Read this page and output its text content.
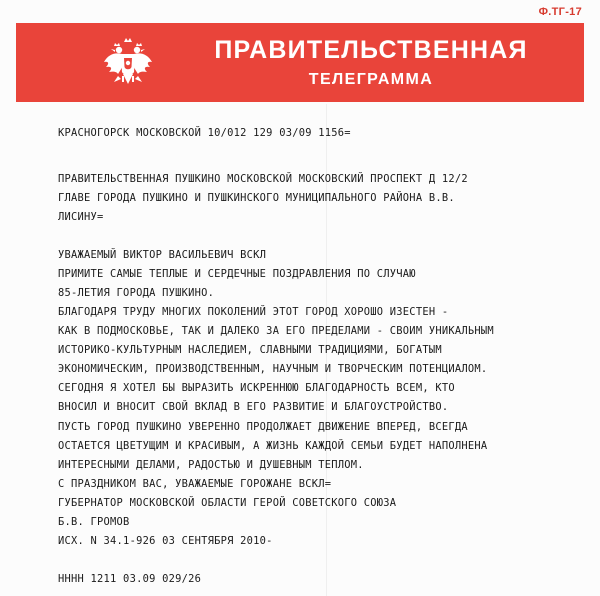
Ф.ТГ-17
ПРАВИТЕЛЬСТВЕННАЯ
ТЕЛЕГРАММА

КРАСНОГОРСК МОСКОВСКОЙ 10/012 129 03/09 1156=

ПРАВИТЕЛЬСТВЕННАЯ ПУШКИНО МОСКОВСКОЙ МОСКОВСКИЙ ПРОСПЕКТ Д 12/2

ГЛАВЕ ГОРОДА ПУШКИНО И ПУШКИНСКОГО МУНИЦИПАЛЬНОГО РАЙОНА В.В.

ЛИСИНУ=

УВАЖАЕМЫЙ ВИКТОР ВАСИЛЬЕВИЧ ВСКЛ

ПРИМИТЕ САМЫЕ ТЕПЛЫЕ И СЕРДЕЧНЫЕ ПОЗДРАВЛЕНИЯ ПО СЛУЧАЮ

85-ЛЕТИЯ ГОРОДА ПУШКИНО.

БЛАГОДАРЯ ТРУДУ МНОГИХ ПОКОЛЕНИЙ ЭТОТ ГОРОД ХОРОШО ИЗЕСТЕН -

КАК В ПОДМОСКОВЬЕ, ТАК И ДАЛЕКО ЗА ЕГО ПРЕДЕЛАМИ - СВОИМ УНИКАЛЬНЫМ

ИСТОРИКО-КУЛЬТУРНЫМ НАСЛЕДИЕМ, СЛАВНЫМИ ТРАДИЦИЯМИ, БОГАТЫМ

ЭКОНОМИЧЕСКИМ, ПРОИЗВОДСТВЕННЫМ, НАУЧНЫМ И ТВОРЧЕСКИМ ПОТЕНЦИАЛОМ.

СЕГОДНЯ Я ХОТЕЛ БЫ ВЫРАЗИТЬ ИСКРЕННЮЮ БЛАГОДАРНОСТЬ ВСЕМ, КТО

ВНОСИЛ И ВНОСИТ СВОЙ ВКЛАД В ЕГО РАЗВИТИЕ И БЛАГОУСТРОЙСТВО.

ПУСТЬ ГОРОД ПУШКИНО УВЕРЕННО ПРОДОЛЖАЕТ ДВИЖЕНИЕ ВПЕРЕД, ВСЕГДА

ОСТАЕТСЯ ЦВЕТУЩИМ И КРАСИВЫМ, А ЖИЗНЬ КАЖДОЙ СЕМЬИ БУДЕТ НАПОЛНЕНА

ИНТЕРЕСНЫМИ ДЕЛАМИ, РАДОСТЬЮ И ДУШЕВНЫМ ТЕПЛОМ.

С ПРАЗДНИКОМ ВАС, УВАЖАЕМЫЕ ГОРОЖАНЕ ВСКЛ=

ГУБЕРНАТОР МОСКОВСКОЙ ОБЛАСТИ ГЕРОЙ СОВЕТСКОГО СОЮЗА

Б.В. ГРОМОВ

ИСХ. N 34.1-926 03 СЕНТЯБРЯ 2010-

НННН 1211 03.09 029/26
